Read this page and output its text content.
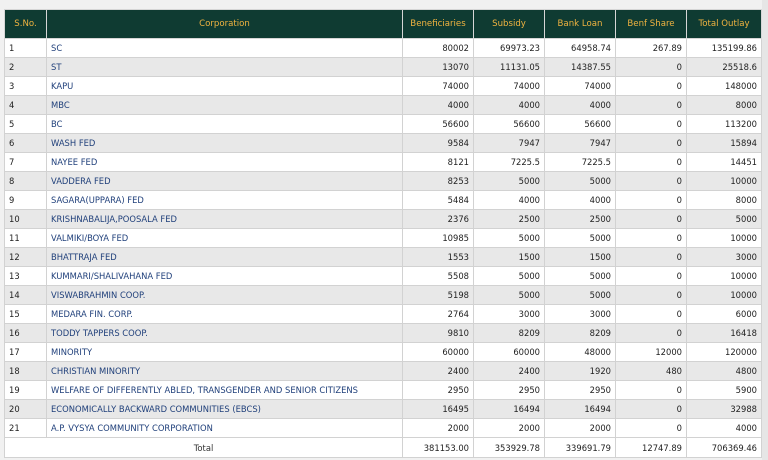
S.No.	Corporation	Beneficiaries	Subsidy	Bank Loan	Benf Share	Total Outlay
1	SC	80002	69973.23	64958.74	267.89	135199.86
2	ST	13070	11131.05	14387.55	0	25518.6
3	KAPU	74000	74000	74000	0	148000
4	MBC	4000	4000	4000	0	8000
5	BC	56600	56600	56600	0	113200
6	WASH FED	9584	7947	7947	0	15894
7	NAYEE FED	8121	7225.5	7225.5	0	14451
8	VADDERA FED	8253	5000	5000	0	10000
9	SAGARA(UPPARA) FED	5484	4000	4000	0	8000
10	KRISHNABALIJA,POOSALA FED	2376	2500	2500	0	5000
11	VALMIKI/BOYA FED	10985	5000	5000	0	10000
12	BHATTRAJA FED	1553	1500	1500	0	3000
13	KUMMARI/SHALIVAHANA FED	5508	5000	5000	0	10000
14	VISWABRAHMIN COOP.	5198	5000	5000	0	10000
15	MEDARA FIN. CORP.	2764	3000	3000	0	6000
16	TODDY TAPPERS COOP.	9810	8209	8209	0	16418
17	MINORITY	60000	60000	48000	12000	120000
18	CHRISTIAN MINORITY	2400	2400	1920	480	4800
19	WELFARE OF DIFFERENTLY ABLED, TRANSGENDER AND SENIOR CITIZENS	2950	2950	2950	0	5900
20	ECONOMICALLY BACKWARD COMMUNITIES (EBCS)	16495	16494	16494	0	32988
21	A.P. VYSYA COMMUNITY CORPORATION	2000	2000	2000	0	4000
Total		381153.00	353929.78	339691.79	12747.89	706369.46
